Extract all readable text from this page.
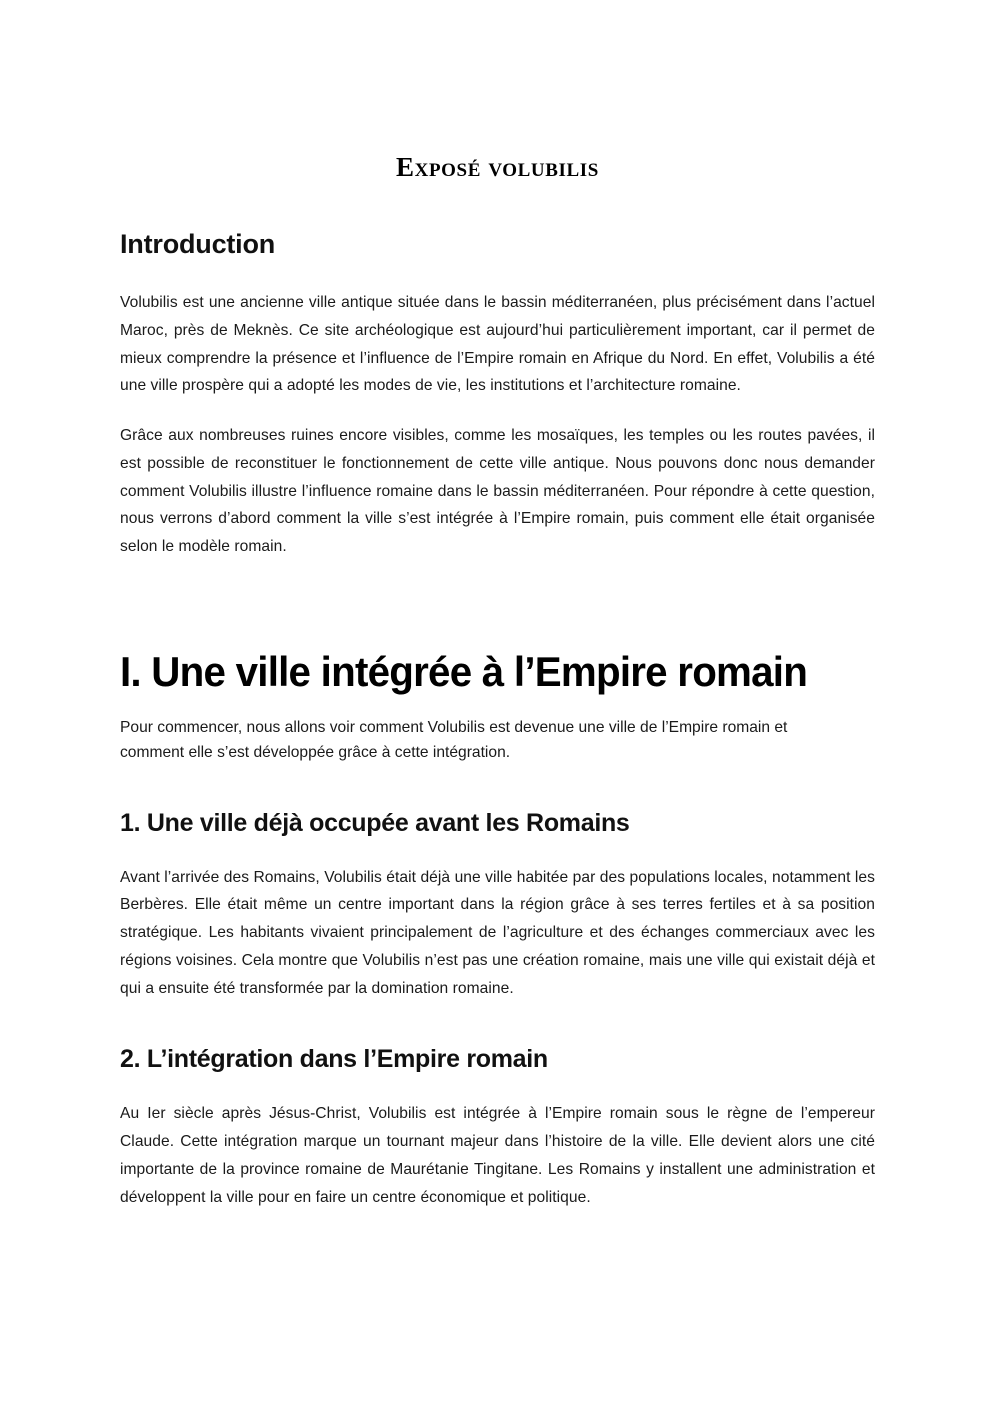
Exposé volubilis
Introduction

Volubilis est une ancienne ville antique située dans le bassin méditerranéen, plus précisément dans l’actuel Maroc, près de Meknès. Ce site archéologique est aujourd’hui particulièrement important, car il permet de mieux comprendre la présence et l’influence de l’Empire romain en Afrique du Nord. En effet, Volubilis a été une ville prospère qui a adopté les modes de vie, les institutions et l’architecture romaine.

Grâce aux nombreuses ruines encore visibles, comme les mosaïques, les temples ou les routes pavées, il est possible de reconstituer le fonctionnement de cette ville antique. Nous pouvons donc nous demander comment Volubilis illustre l’influence romaine dans le bassin méditerranéen. Pour répondre à cette question, nous verrons d’abord comment la ville s’est intégrée à l’Empire romain, puis comment elle était organisée selon le modèle romain.

I. Une ville intégrée à l’Empire romain

Pour commencer, nous allons voir comment Volubilis est devenue une ville de l’Empire romain et comment elle s’est développée grâce à cette intégration.

1. Une ville déjà occupée avant les Romains

Avant l’arrivée des Romains, Volubilis était déjà une ville habitée par des populations locales, notamment les Berbères. Elle était même un centre important dans la région grâce à ses terres fertiles et à sa position stratégique. Les habitants vivaient principalement de l’agriculture et des échanges commerciaux avec les régions voisines. Cela montre que Volubilis n’est pas une création romaine, mais une ville qui existait déjà et qui a ensuite été transformée par la domination romaine.

2. L’intégration dans l’Empire romain

Au Ier siècle après Jésus-Christ, Volubilis est intégrée à l’Empire romain sous le règne de l’empereur Claude. Cette intégration marque un tournant majeur dans l’histoire de la ville. Elle devient alors une cité importante de la province romaine de Maurétanie Tingitane. Les Romains y installent une administration et développent la ville pour en faire un centre économique et politique.
